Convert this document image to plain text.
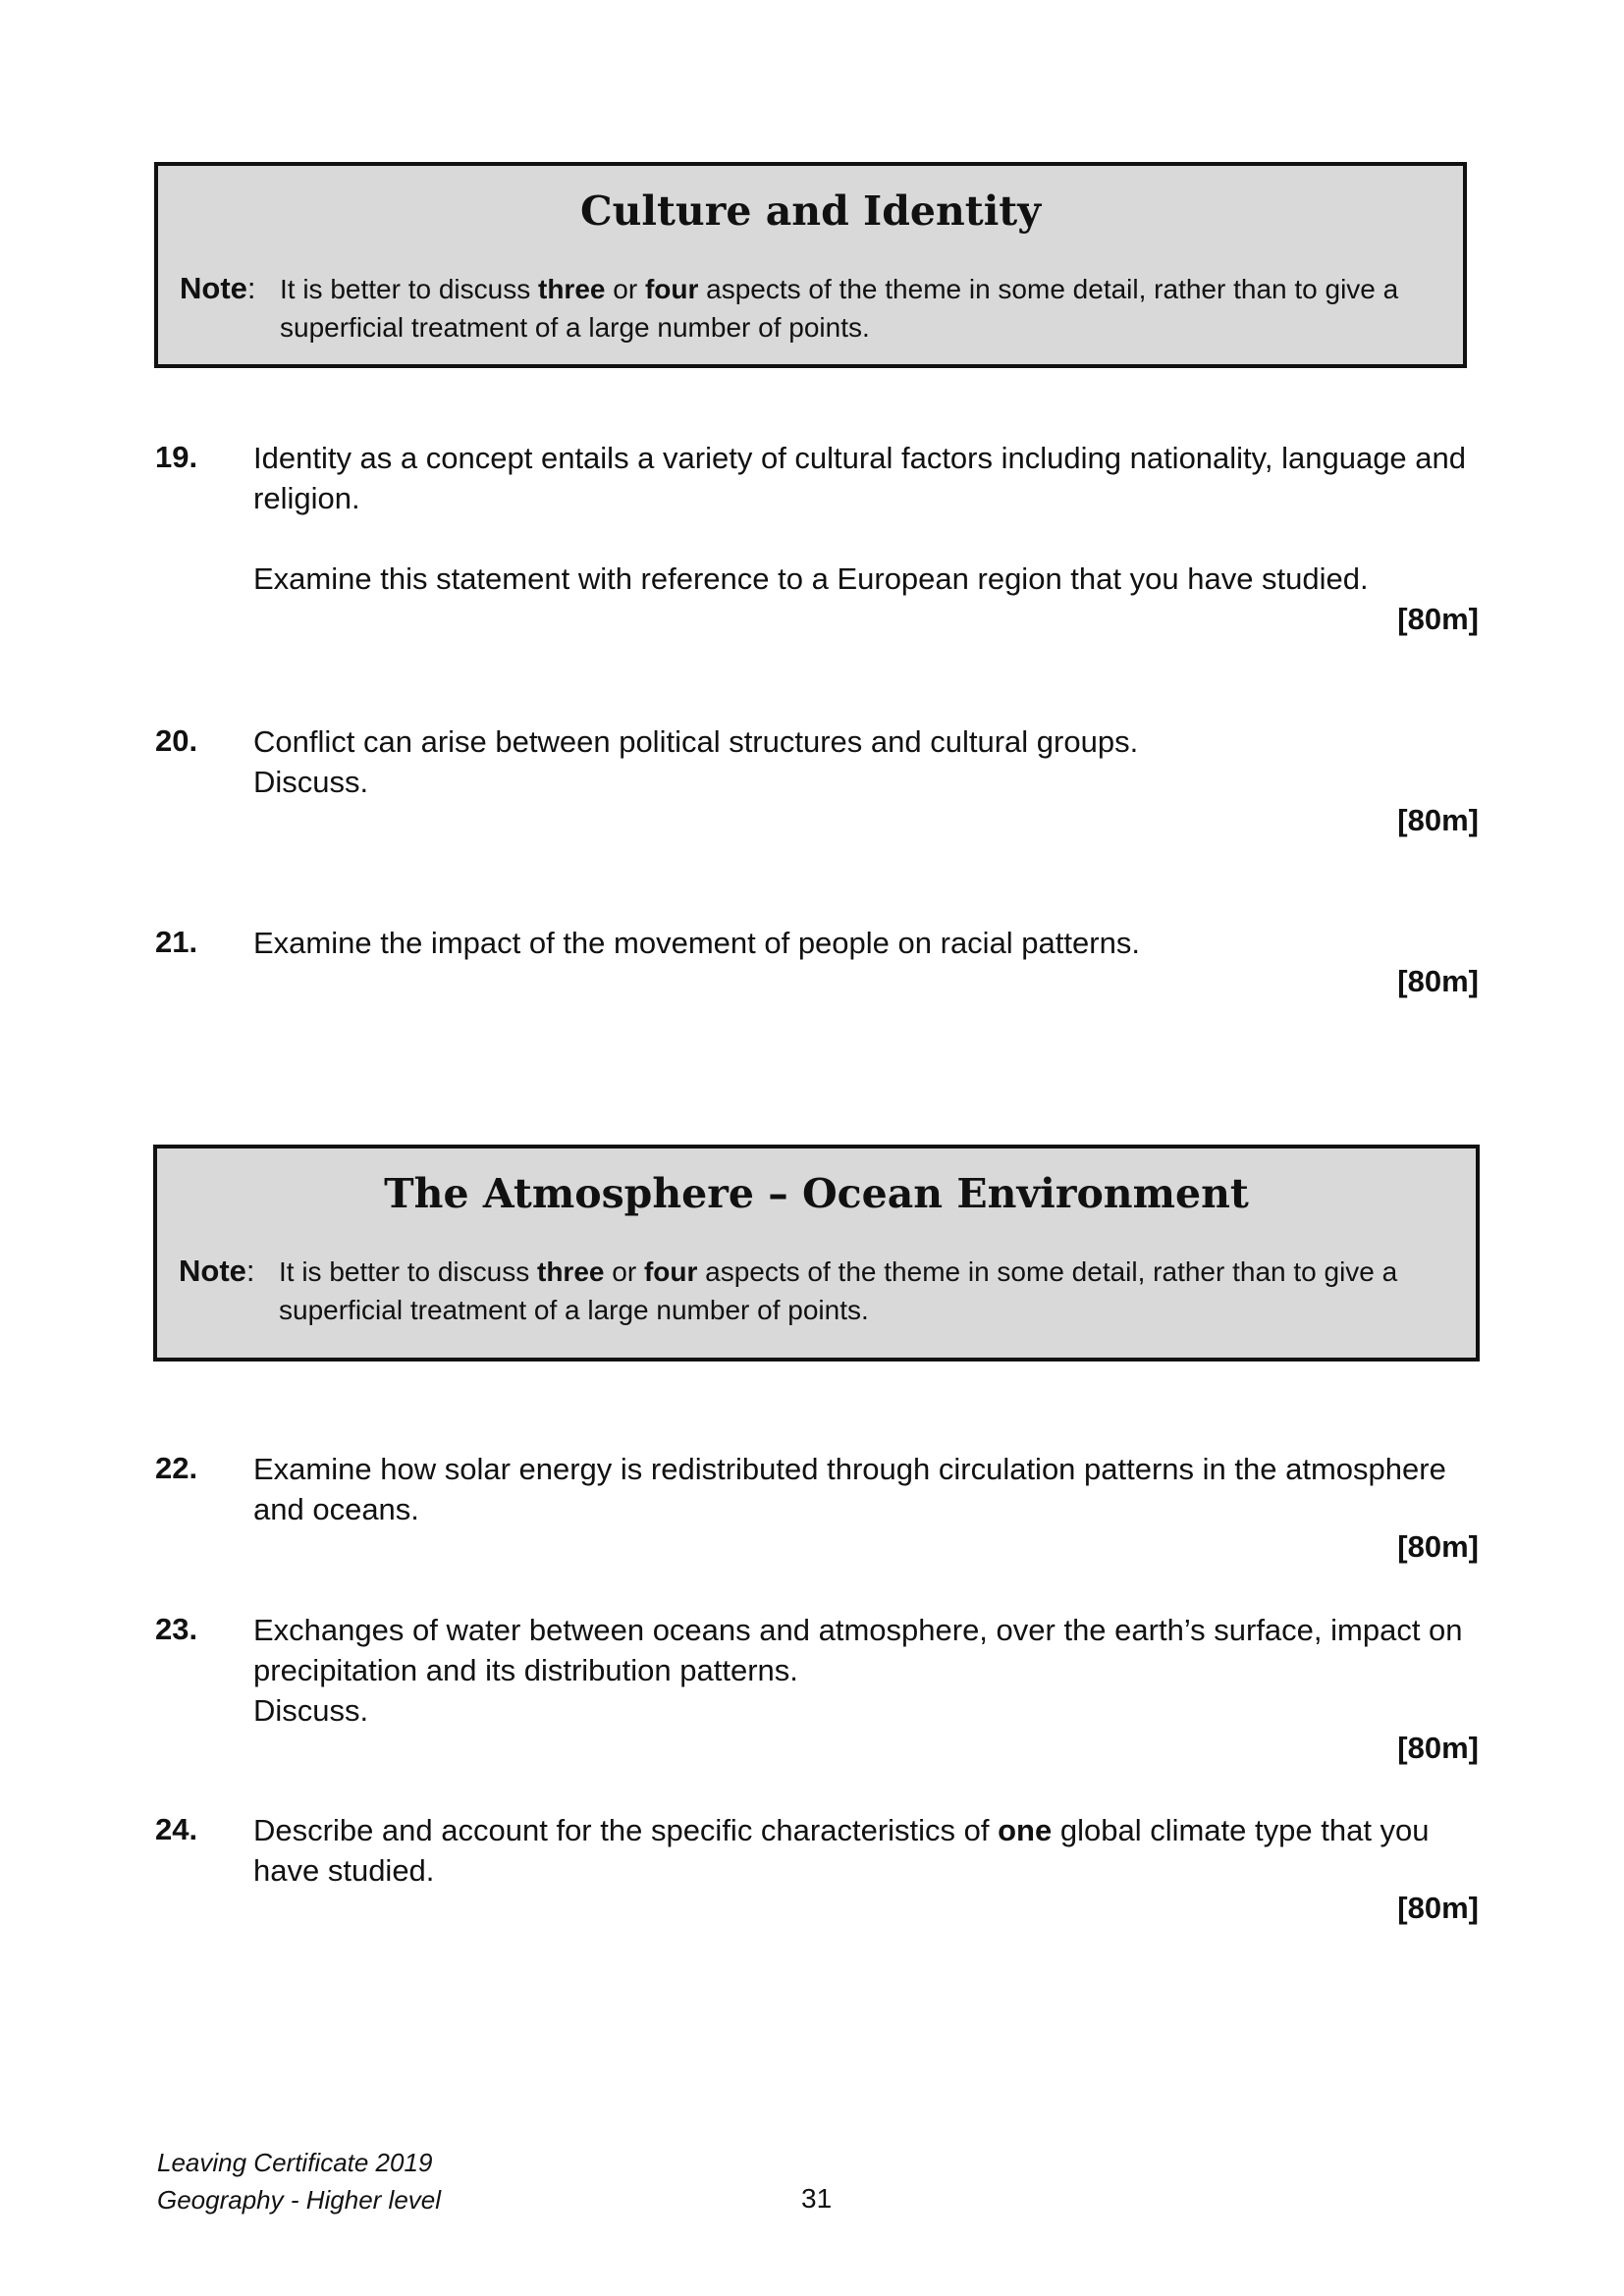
Culture and Identity
Note: It is better to discuss three or four aspects of the theme in some detail, rather than to give a
superficial treatment of a large number of points.
19. Identity as a concept entails a variety of cultural factors including nationality, language and
religion.

Examine this statement with reference to a European region that you have studied.
[80m]
20. Conflict can arise between political structures and cultural groups.
Discuss.
[80m]
21. Examine the impact of the movement of people on racial patterns.
[80m]
The Atmosphere – Ocean Environment
Note: It is better to discuss three or four aspects of the theme in some detail, rather than to give a
superficial treatment of a large number of points.
22. Examine how solar energy is redistributed through circulation patterns in the atmosphere
and oceans.
[80m]
23. Exchanges of water between oceans and atmosphere, over the earth’s surface, impact on
precipitation and its distribution patterns.
Discuss.
[80m]
24. Describe and account for the specific characteristics of one global climate type that you
have studied.
[80m]
Leaving Certificate 2019
Geography - Higher level	31
